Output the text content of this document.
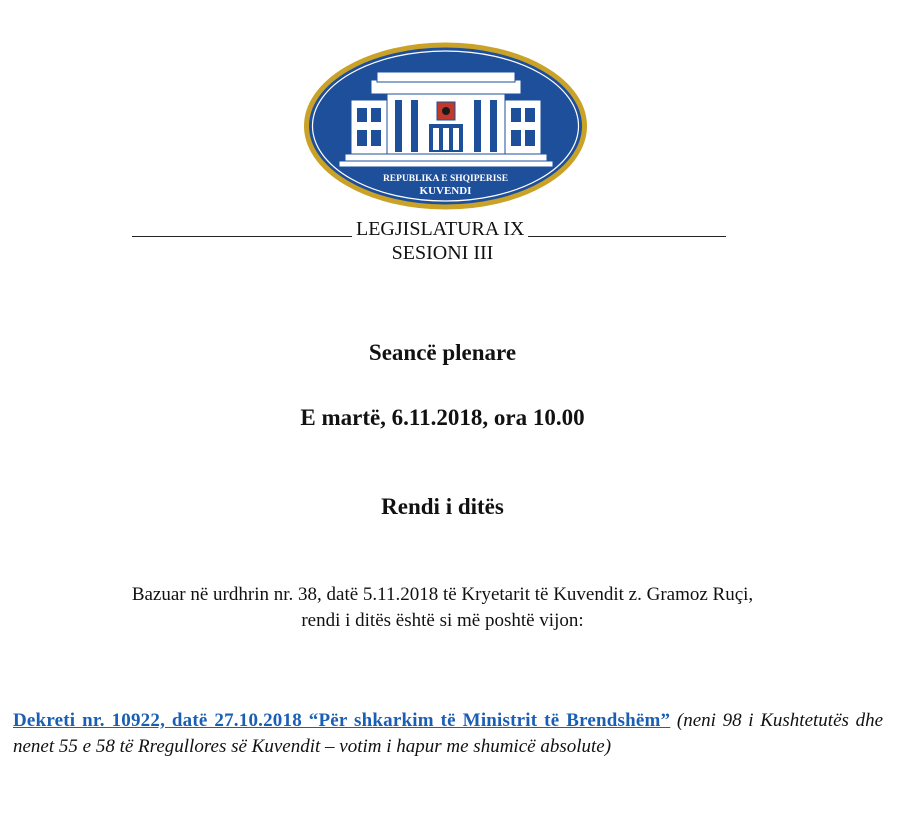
REPUBLIKA E SHQIPERISE
KUVENDI
LEGJISLATURA IX
SESIONI III
Seancë plenare
E martë, 6.11.2018, ora 10.00
Rendi i ditës
Bazuar në urdhrin nr. 38, datë 5.11.2018 të Kryetarit të Kuvendit z. Gramoz Ruçi,
rendi i ditës është si më poshtë vijon:
Dekreti nr. 10922, datë 27.10.2018 “Për shkarkim të Ministrit të Brendshëm” (neni 98 i Kushtetutës dhe nenet 55 e 58 të Rregullores së Kuvendit – votim i hapur me shumicë absolute)
